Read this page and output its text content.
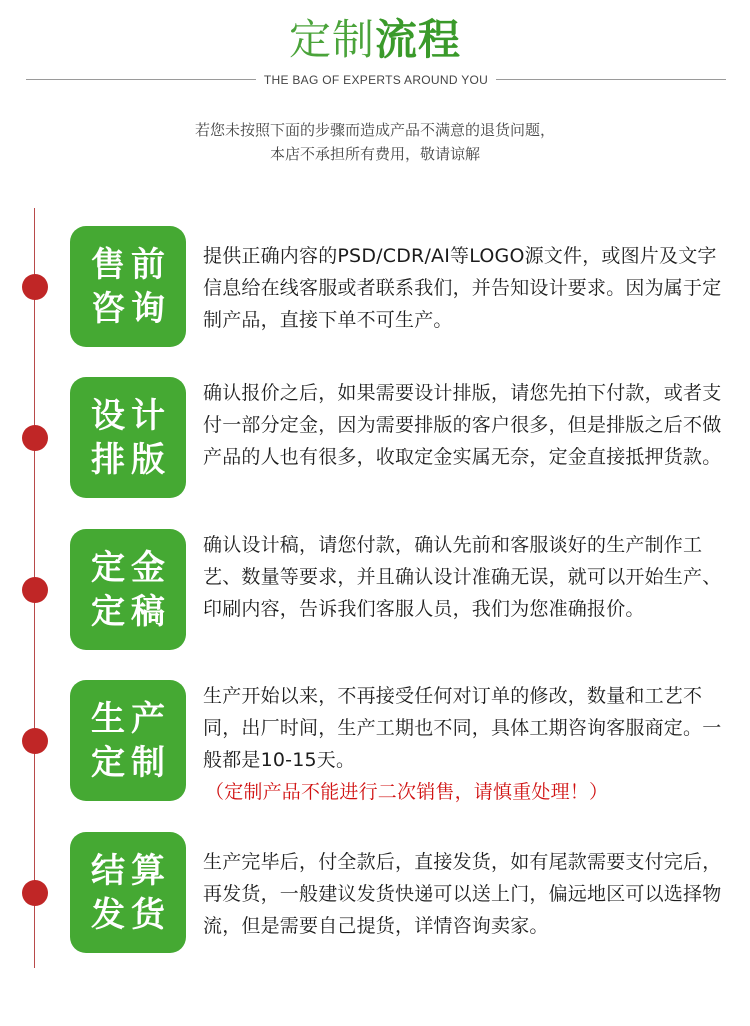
定制流程
THE BAG OF EXPERTS AROUND YOU
若您未按照下面的步骤而造成产品不满意的退货问题，
本店不承担所有费用，敬请谅解
售前
咨询
提供正确内容的PSD/CDR/AI等LOGO源文件，或图片及文字信息给在线客服或者联系我们，并告知设计要求。因为属于定制产品，直接下单不可生产。
设计
排版
确认报价之后，如果需要设计排版，请您先拍下付款，或者支付一部分定金，因为需要排版的客户很多，但是排版之后不做产品的人也有很多，收取定金实属无奈，定金直接抵押货款。
定金
定稿
确认设计稿，请您付款，确认先前和客服谈好的生产制作工艺、数量等要求，并且确认设计准确无误，就可以开始生产、印刷内容，告诉我们客服人员，我们为您准确报价。
生产
定制
生产开始以来，不再接受任何对订单的修改，数量和工艺不同，出厂时间，生产工期也不同，具体工期咨询客服商定。一般都是10-15天。
（定制产品不能进行二次销售，请慎重处理！）
结算
发货
生产完毕后，付全款后，直接发货，如有尾款需要支付完后，再发货，一般建议发货快递可以送上门，偏远地区可以选择物流，但是需要自己提货，详情咨询卖家。
